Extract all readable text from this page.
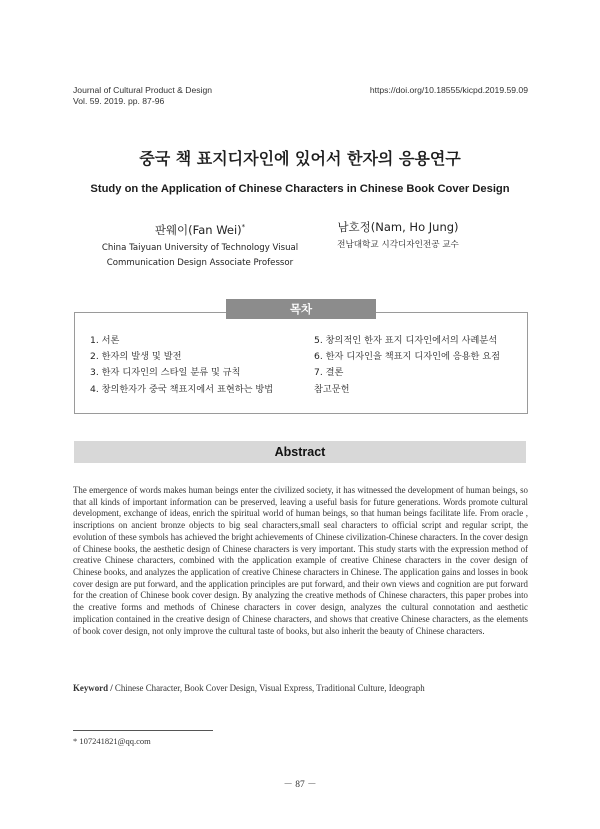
Journal of Cultural Product & Design
Vol. 59. 2019. pp. 87-96
https://doi.org/10.18555/kicpd.2019.59.09
중국 책 표지디자인에 있어서 한자의 응용연구
Study on the Application of Chinese Characters in Chinese Book Cover Design
판웨이(Fan Wei)*
China Taiyuan University of Technology Visual
Communication Design Associate Professor
남호정(Nam, Ho Jung)
전남대학교 시각디자인전공 교수
목차
1. 서론
2. 한자의 발생 및 발전
3. 한자 디자인의 스타일 분류 및 규칙
4. 창의한자가 중국 책표지에서 표현하는 방법
5. 창의적인 한자 표지 디자인에서의 사례분석
6. 한자 디자인을 책표지 디자인에 응용한 요점
7. 결론
참고문헌
Abstract
The emergence of words makes human beings enter the civilized society, it has witnessed the development of human beings, so that all kinds of important information can be preserved, leaving a useful basis for future generations. Words promote cultural development, exchange of ideas, enrich the spiritual world of human beings, so that human beings facilitate life. From oracle , inscriptions on ancient bronze objects to big seal characters,small seal characters to official script and regular script, the evolution of these symbols has achieved the bright achievements of Chinese civilization-Chinese characters. In the cover design of Chinese books, the aesthetic design of Chinese characters is very important. This study starts with the expression method of creative Chinese characters, combined with the application example of creative Chinese characters in the cover design of Chinese books, and analyzes the application of creative Chinese characters in Chinese. The application gains and losses in book cover design are put forward, and the application principles are put forward, and their own views and cognition are put forward for the creation of Chinese book cover design. By analyzing the creative methods of Chinese characters, this paper probes into the creative forms and methods of Chinese characters in cover design, analyzes the cultural connotation and aesthetic implication contained in the creative design of Chinese characters, and shows that creative Chinese characters, as the elements of book cover design, not only improve the cultural taste of books, but also inherit the beauty of Chinese characters.
Keyword / Chinese Character, Book Cover Design, Visual Express, Traditional Culture, Ideograph
* 107241821@qq.com
－ 87 －
